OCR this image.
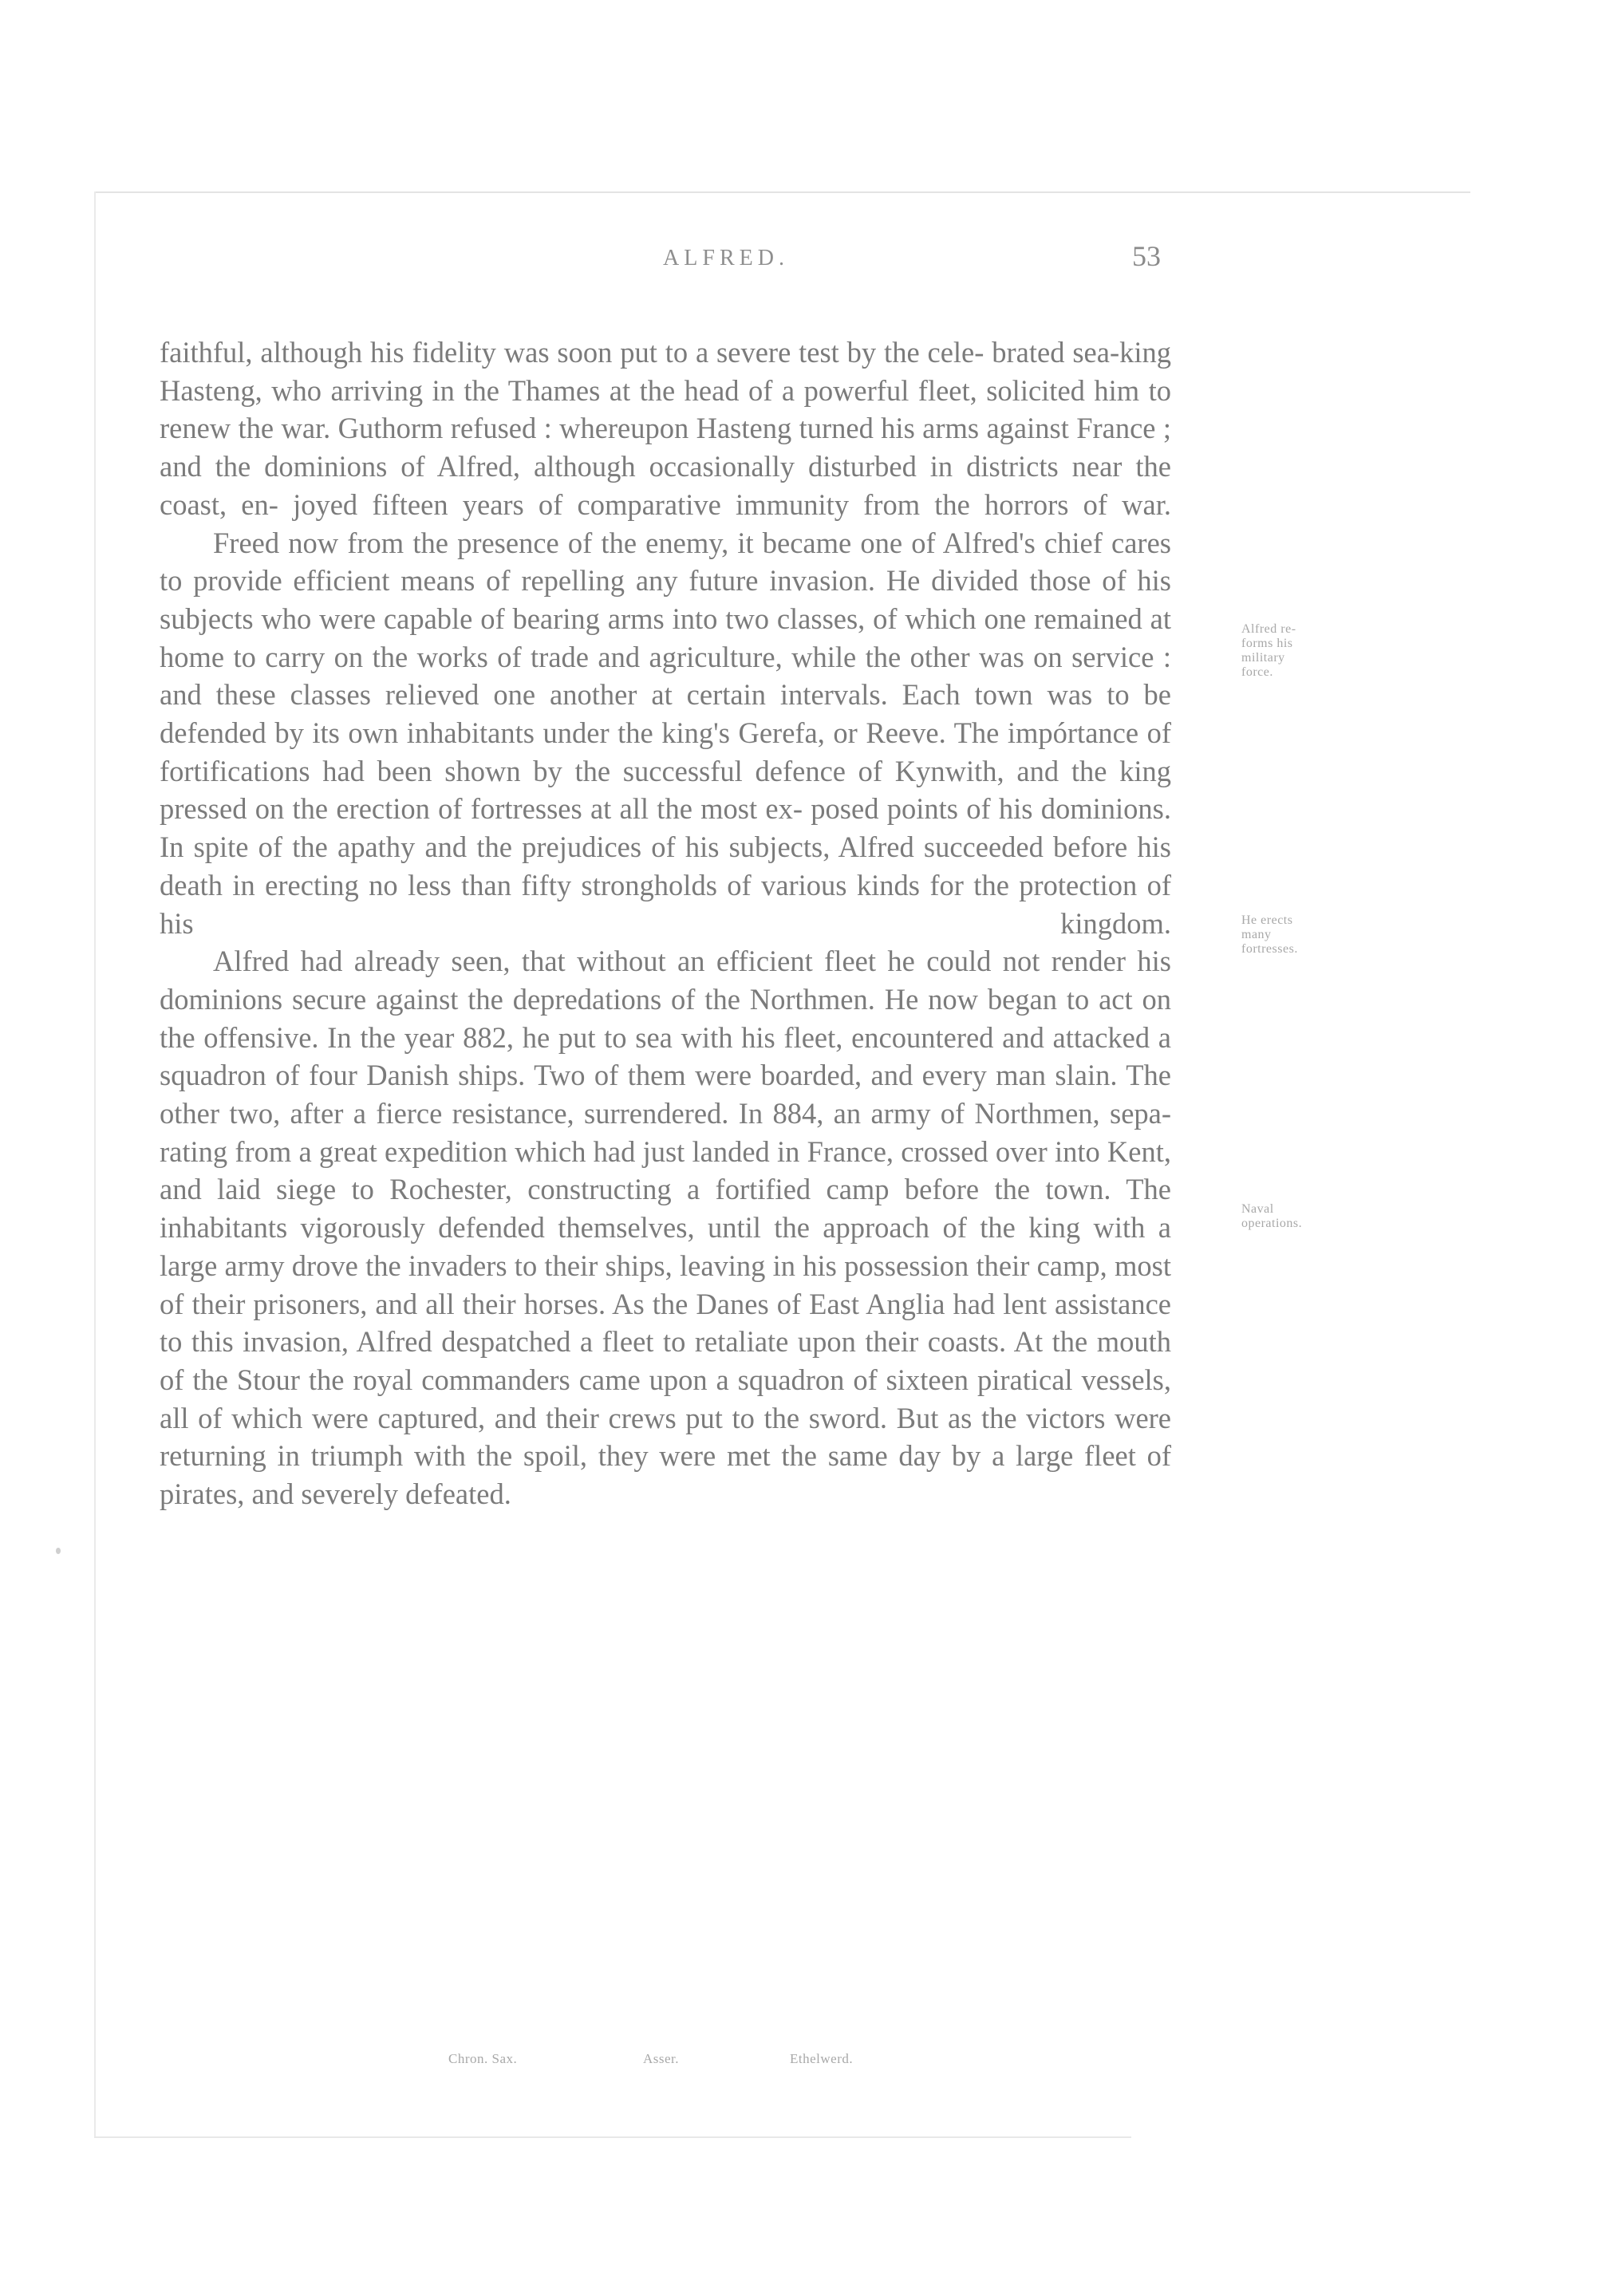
ALFRED.	53

faithful, although his fidelity was soon put to a severe test by the cele- brated sea-king Hasteng, who arriving in the Thames at the head of a powerful fleet, solicited him to renew the war. Guthorm refused : whereupon Hasteng turned his arms against France ; and the dominions of Alfred, although occasionally disturbed in districts near the coast, en- joyed fifteen years of comparative immunity from the horrors of war.

Freed now from the presence of the enemy, it became one of Alfred's chief cares to provide efficient means of repelling any future invasion. He divided those of his subjects who were capable of bearing arms into two classes, of which one remained at home to carry on the works of trade and agriculture, while the other was on service : and these classes relieved one another at certain intervals. Each town was to be defended by its own inhabitants under the king's Gerefa, or Reeve. The impórtance of fortifications had been shown by the successful defence of Kynwith, and the king pressed on the erection of fortresses at all the most ex- posed points of his dominions. In spite of the apathy and the prejudices of his subjects, Alfred succeeded before his death in erecting no less than fifty strongholds of various kinds for the protection of his kingdom.

Alfred had already seen, that without an efficient fleet he could not render his dominions secure against the depredations of the Northmen. He now began to act on the offensive. In the year 882, he put to sea with his fleet, encountered and attacked a squadron of four Danish ships. Two of them were boarded, and every man slain. The other two, after a fierce resistance, surrendered. In 884, an army of Northmen, sepa- rating from a great expedition which had just landed in France, crossed over into Kent, and laid siege to Rochester, constructing a fortified camp before the town. The inhabitants vigorously defended themselves, until the approach of the king with a large army drove the invaders to their ships, leaving in his possession their camp, most of their prisoners, and all their horses. As the Danes of East Anglia had lent assistance to this invasion, Alfred despatched a fleet to retaliate upon their coasts. At the mouth of the Stour the royal commanders came upon a squadron of sixteen piratical vessels, all of which were captured, and their crews put to the sword. But as the victors were returning in triumph with the spoil, they were met the same day by a large fleet of pirates, and severely defeated.

Alfred re-
forms his
military
force.
He erects
many
fortresses.
Naval
operations.
Chron. Sax.	Asser.	Ethelwerd.
